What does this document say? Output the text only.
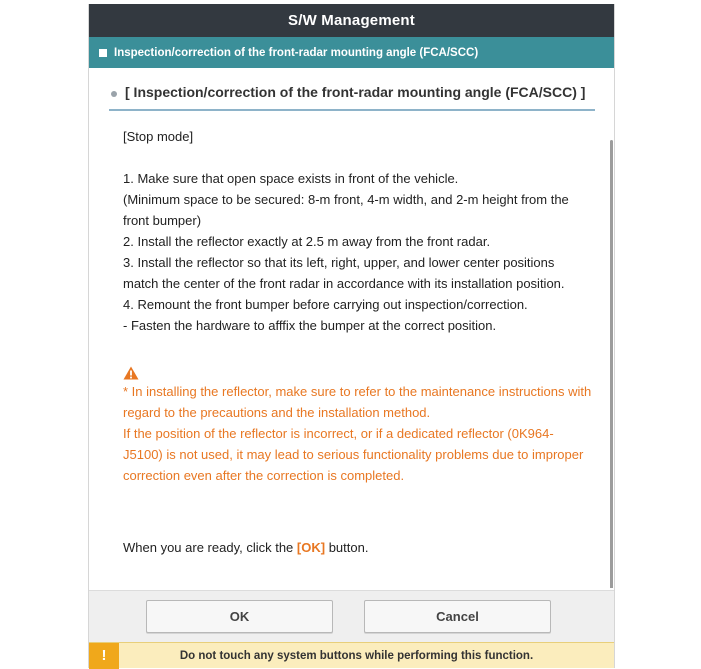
S/W Management
Inspection/correction of the front-radar mounting angle (FCA/SCC)
[ Inspection/correction of the front-radar mounting angle (FCA/SCC) ]

[Stop mode]

1. Make sure that open space exists in front of the vehicle.

(Minimum space to be secured: 8-m front, 4-m width, and 2-m height from the front bumper)

2. Install the reflector exactly at 2.5 m away from the front radar.

3. Install the reflector so that its left, right, upper, and lower center positions match the center of the front radar in accordance with its installation position.

4. Remount the front bumper before carrying out inspection/correction.

- Fasten the hardware to afffix the bumper at the correct position.

* In installing the reflector, make sure to refer to the maintenance instructions with regard to the precautions and the installation method.

If the position of the reflector is incorrect, or if a dedicated reflector (0K964-J5100) is not used, it may lead to serious functionality problems due to improper correction even after the correction is completed.

When you are ready, click the [OK] button.

OK	Cancel
!	Do not touch any system buttons while performing this function.
